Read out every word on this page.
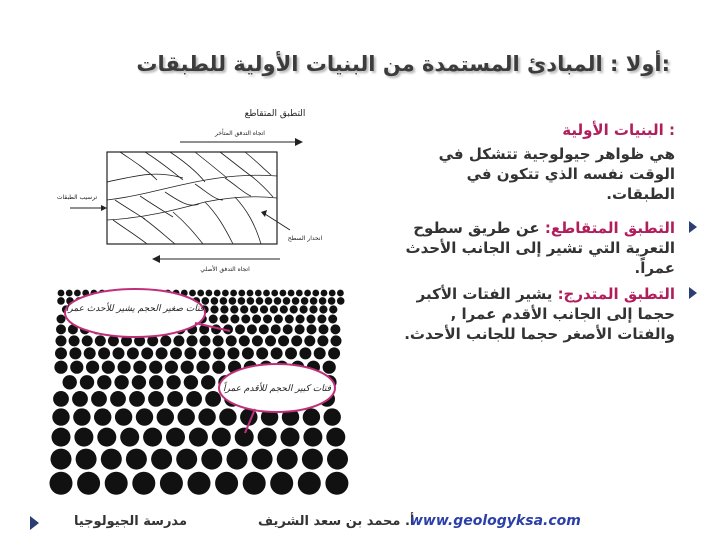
:أولا : المبادئ المستمدة من البنيات الأولية للطبقات
التطبق المتقاطع
اتجاه التدفق المتأخر
ترسيب الطبقات
انحدار السطح
اتجاه التدفق الأصلي
فتات صغير الحجم يشير للأحدث عمراً
فتات كبير الحجم للأقدم عمراً
: البنيات الأولية
هي ظواهر جيولوجية تتشكل في الوقت نفسه الذي تتكون في الطبقات.
التطبق المتقاطع: عن طريق سطوح التعرية التي تشير إلى الجانب الأحدث عمراً.
التطبق المتدرج: يشير الفتات الأكبر حجما إلى الجانب الأقدم عمرا , والفتات الأصغر حجما للجانب الأحدث.
مدرسة الجيولوجيا	أ. محمد بن سعد الشريف
www.geologyksa.com
